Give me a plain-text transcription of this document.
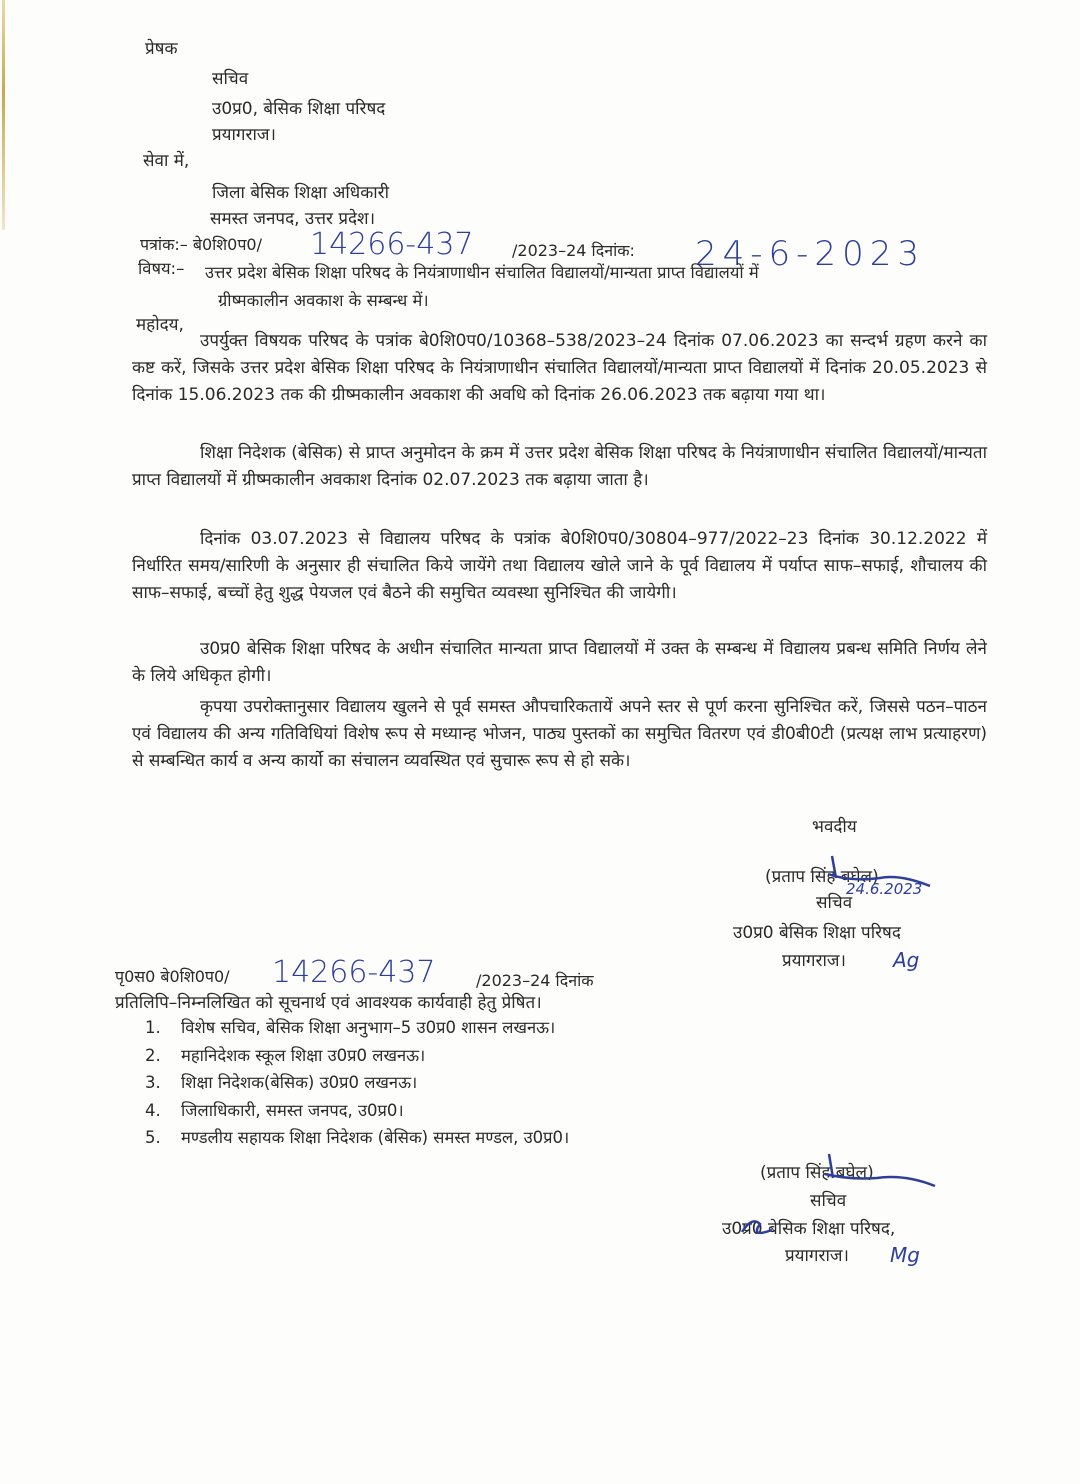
प्रेषक
सचिव
उ0प्र0, बेसिक शिक्षा परिषद
प्रयागराज।
सेवा में,
जिला बेसिक शिक्षा अधिकारी
समस्त जनपद, उत्तर प्रदेश।
पत्रांक:– बे0शि0प0/ 14266-437 /2023–24 दिनांक: 24-6-2023
विषय:– उत्तर प्रदेश बेसिक शिक्षा परिषद के नियंत्राणाधीन संचालित विद्यालयों/मान्यता प्राप्त विद्यालयों में
ग्रीष्मकालीन अवकाश के सम्बन्ध में।
महोदय,

उपर्युक्त विषयक परिषद के पत्रांक बे0शि0प0/10368–538/2023–24 दिनांक 07.06.2023 का सन्दर्भ ग्रहण करने का कष्ट करें, जिसके उत्तर प्रदेश बेसिक शिक्षा परिषद के नियंत्राणाधीन संचालित विद्यालयों/मान्यता प्राप्त विद्यालयों में दिनांक 20.05.2023 से दिनांक 15.06.2023 तक की ग्रीष्मकालीन अवकाश की अवधि को दिनांक 26.06.2023 तक बढ़ाया गया था।

शिक्षा निदेशक (बेसिक) से प्राप्त अनुमोदन के क्रम में उत्तर प्रदेश बेसिक शिक्षा परिषद के नियंत्राणाधीन संचालित विद्यालयों/मान्यता प्राप्त विद्यालयों में ग्रीष्मकालीन अवकाश दिनांक 02.07.2023 तक बढ़ाया जाता है।

दिनांक 03.07.2023 से विद्यालय परिषद के पत्रांक बे0शि0प0/30804–977/2022–23 दिनांक 30.12.2022 में निर्धारित समय/सारिणी के अनुसार ही संचालित किये जायेंगे तथा विद्यालय खोले जाने के पूर्व विद्यालय में पर्याप्त साफ–सफाई, शौचालय की साफ–सफाई, बच्चों हेतु शुद्ध पेयजल एवं बैठने की समुचित व्यवस्था सुनिश्चित की जायेगी।

उ0प्र0 बेसिक शिक्षा परिषद के अधीन संचालित मान्यता प्राप्त विद्यालयों में उक्त के सम्बन्ध में विद्यालय प्रबन्ध समिति निर्णय लेने के लिये अधिकृत होगी।

कृपया उपरोक्तानुसार विद्यालय खुलने से पूर्व समस्त औपचारिकतायें अपने स्तर से पूर्ण करना सुनिश्चित करें, जिससे पठन–पाठन एवं विद्यालय की अन्य गतिविधियां विशेष रूप से मध्यान्ह भोजन, पाठ्य पुस्तकों का समुचित वितरण एवं डी0बी0टी (प्रत्यक्ष लाभ प्रत्याहरण) से सम्बन्धित कार्य व अन्य कार्यो का संचालन व्यवस्थित एवं सुचारू रूप से हो सके।

भवदीय
(प्रताप सिंह बघेल)
24.6.2023
सचिव
उ0प्र0 बेसिक शिक्षा परिषद
प्रयागराज। Ag
पृ0स0 बे0शि0प0/ 14266-437	/2023–24 दिनांक
प्रतिलिपि–निम्नलिखित को सूचनार्थ एवं आवश्यक कार्यवाही हेतु प्रेषित।
1. विशेष सचिव, बेसिक शिक्षा अनुभाग–5 उ0प्र0 शासन लखनऊ।
2. महानिदेशक स्कूल शिक्षा उ0प्र0 लखनऊ।
3. शिक्षा निदेशक(बेसिक) उ0प्र0 लखनऊ।
4. जिलाधिकारी, समस्त जनपद, उ0प्र0।
5. मण्डलीय सहायक शिक्षा निदेशक (बेसिक) समस्त मण्डल, उ0प्र0।
(प्रताप सिंह बघेल)
सचिव
उ0प्र0 बेसिक शिक्षा परिषद,
प्रयागराज। Mg
